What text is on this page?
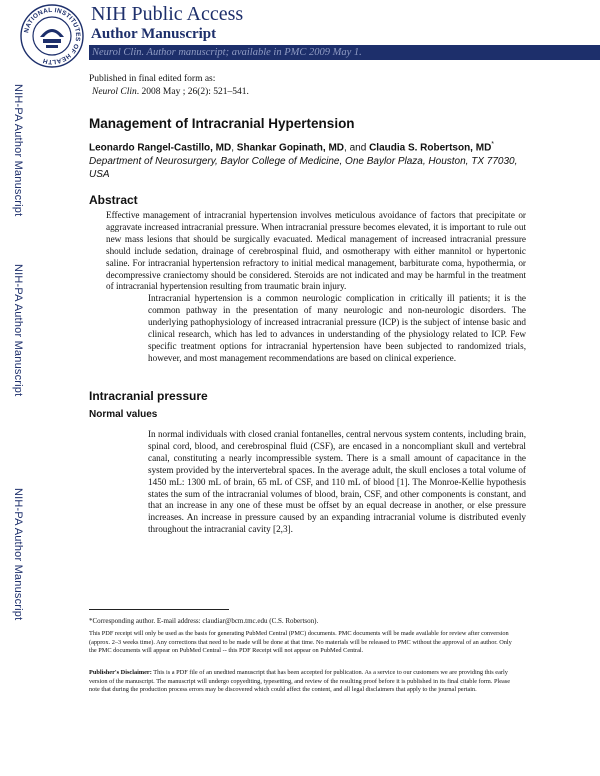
NATIONAL INSTITUTES OF HEALTH
NIH Public Access
Author Manuscript
Neurol Clin. Author manuscript; available in PMC 2009 May 1.
Published in final edited form as:
Neurol Clin. 2008 May ; 26(2): 521–541.
NIH-PA Author Manuscript
NIH-PA Author Manuscript
NIH-PA Author Manuscript
Management of Intracranial Hypertension
Leonardo Rangel-Castillo, MD, Shankar Gopinath, MD, and Claudia S. Robertson, MD*
Department of Neurosurgery, Baylor College of Medicine, One Baylor Plaza, Houston, TX 77030, USA
Abstract
Effective management of intracranial hypertension involves meticulous avoidance of factors that precipitate or aggravate increased intracranial pressure. When intracranial pressure becomes elevated, it is important to rule out new mass lesions that should be surgically evacuated. Medical management of increased intracranial pressure should include sedation, drainage of cerebrospinal fluid, and osmotherapy with either mannitol or hypertonic saline. For intracranial hypertension refractory to initial medical management, barbiturate coma, hypothermia, or decompressive craniectomy should be considered. Steroids are not indicated and may be harmful in the treatment of intracranial hypertension resulting from traumatic brain injury.
Intracranial hypertension is a common neurologic complication in critically ill patients; it is the common pathway in the presentation of many neurologic and non-neurologic disorders. The underlying pathophysiology of increased intracranial pressure (ICP) is the subject of intense basic and clinical research, which has led to advances in understanding of the physiology related to ICP. Few specific treatment options for intracranial hypertension have been subjected to randomized trials, however, and most management recommendations are based on clinical experience.
Intracranial pressure
Normal values
In normal individuals with closed cranial fontanelles, central nervous system contents, including brain, spinal cord, blood, and cerebrospinal fluid (CSF), are encased in a noncompliant skull and vertebral canal, constituting a nearly incompressible system. There is a small amount of capacitance in the system provided by the intervertebral spaces. In the average adult, the skull encloses a total volume of 1450 mL: 1300 mL of brain, 65 mL of CSF, and 110 mL of blood [1]. The Monroe-Kellie hypothesis states the sum of the intracranial volumes of blood, brain, CSF, and other components is constant, and that an increase in any one of these must be offset by an equal decrease in another, or else pressure increases. An increase in pressure caused by an expanding intracranial volume is distributed evenly throughout the intracranial cavity [2,3].
*Corresponding author. E-mail address: claudiar@bcm.tmc.edu (C.S. Robertson).
This PDF receipt will only be used as the basis for generating PubMed Central (PMC) documents. PMC documents will be made available for review after conversion (approx. 2–3 weeks time). Any corrections that need to be made will be done at that time. No materials will be released to PMC without the approval of an author. Only the PMC documents will appear on PubMed Central -- this PDF Receipt will not appear on PubMed Central.
Publisher's Disclaimer: This is a PDF file of an unedited manuscript that has been accepted for publication. As a service to our customers we are providing this early version of the manuscript. The manuscript will undergo copyediting, typesetting, and review of the resulting proof before it is published in its final citable form. Please note that during the production process errors may be discovered which could affect the content, and all legal disclaimers that apply to the journal pertain.
